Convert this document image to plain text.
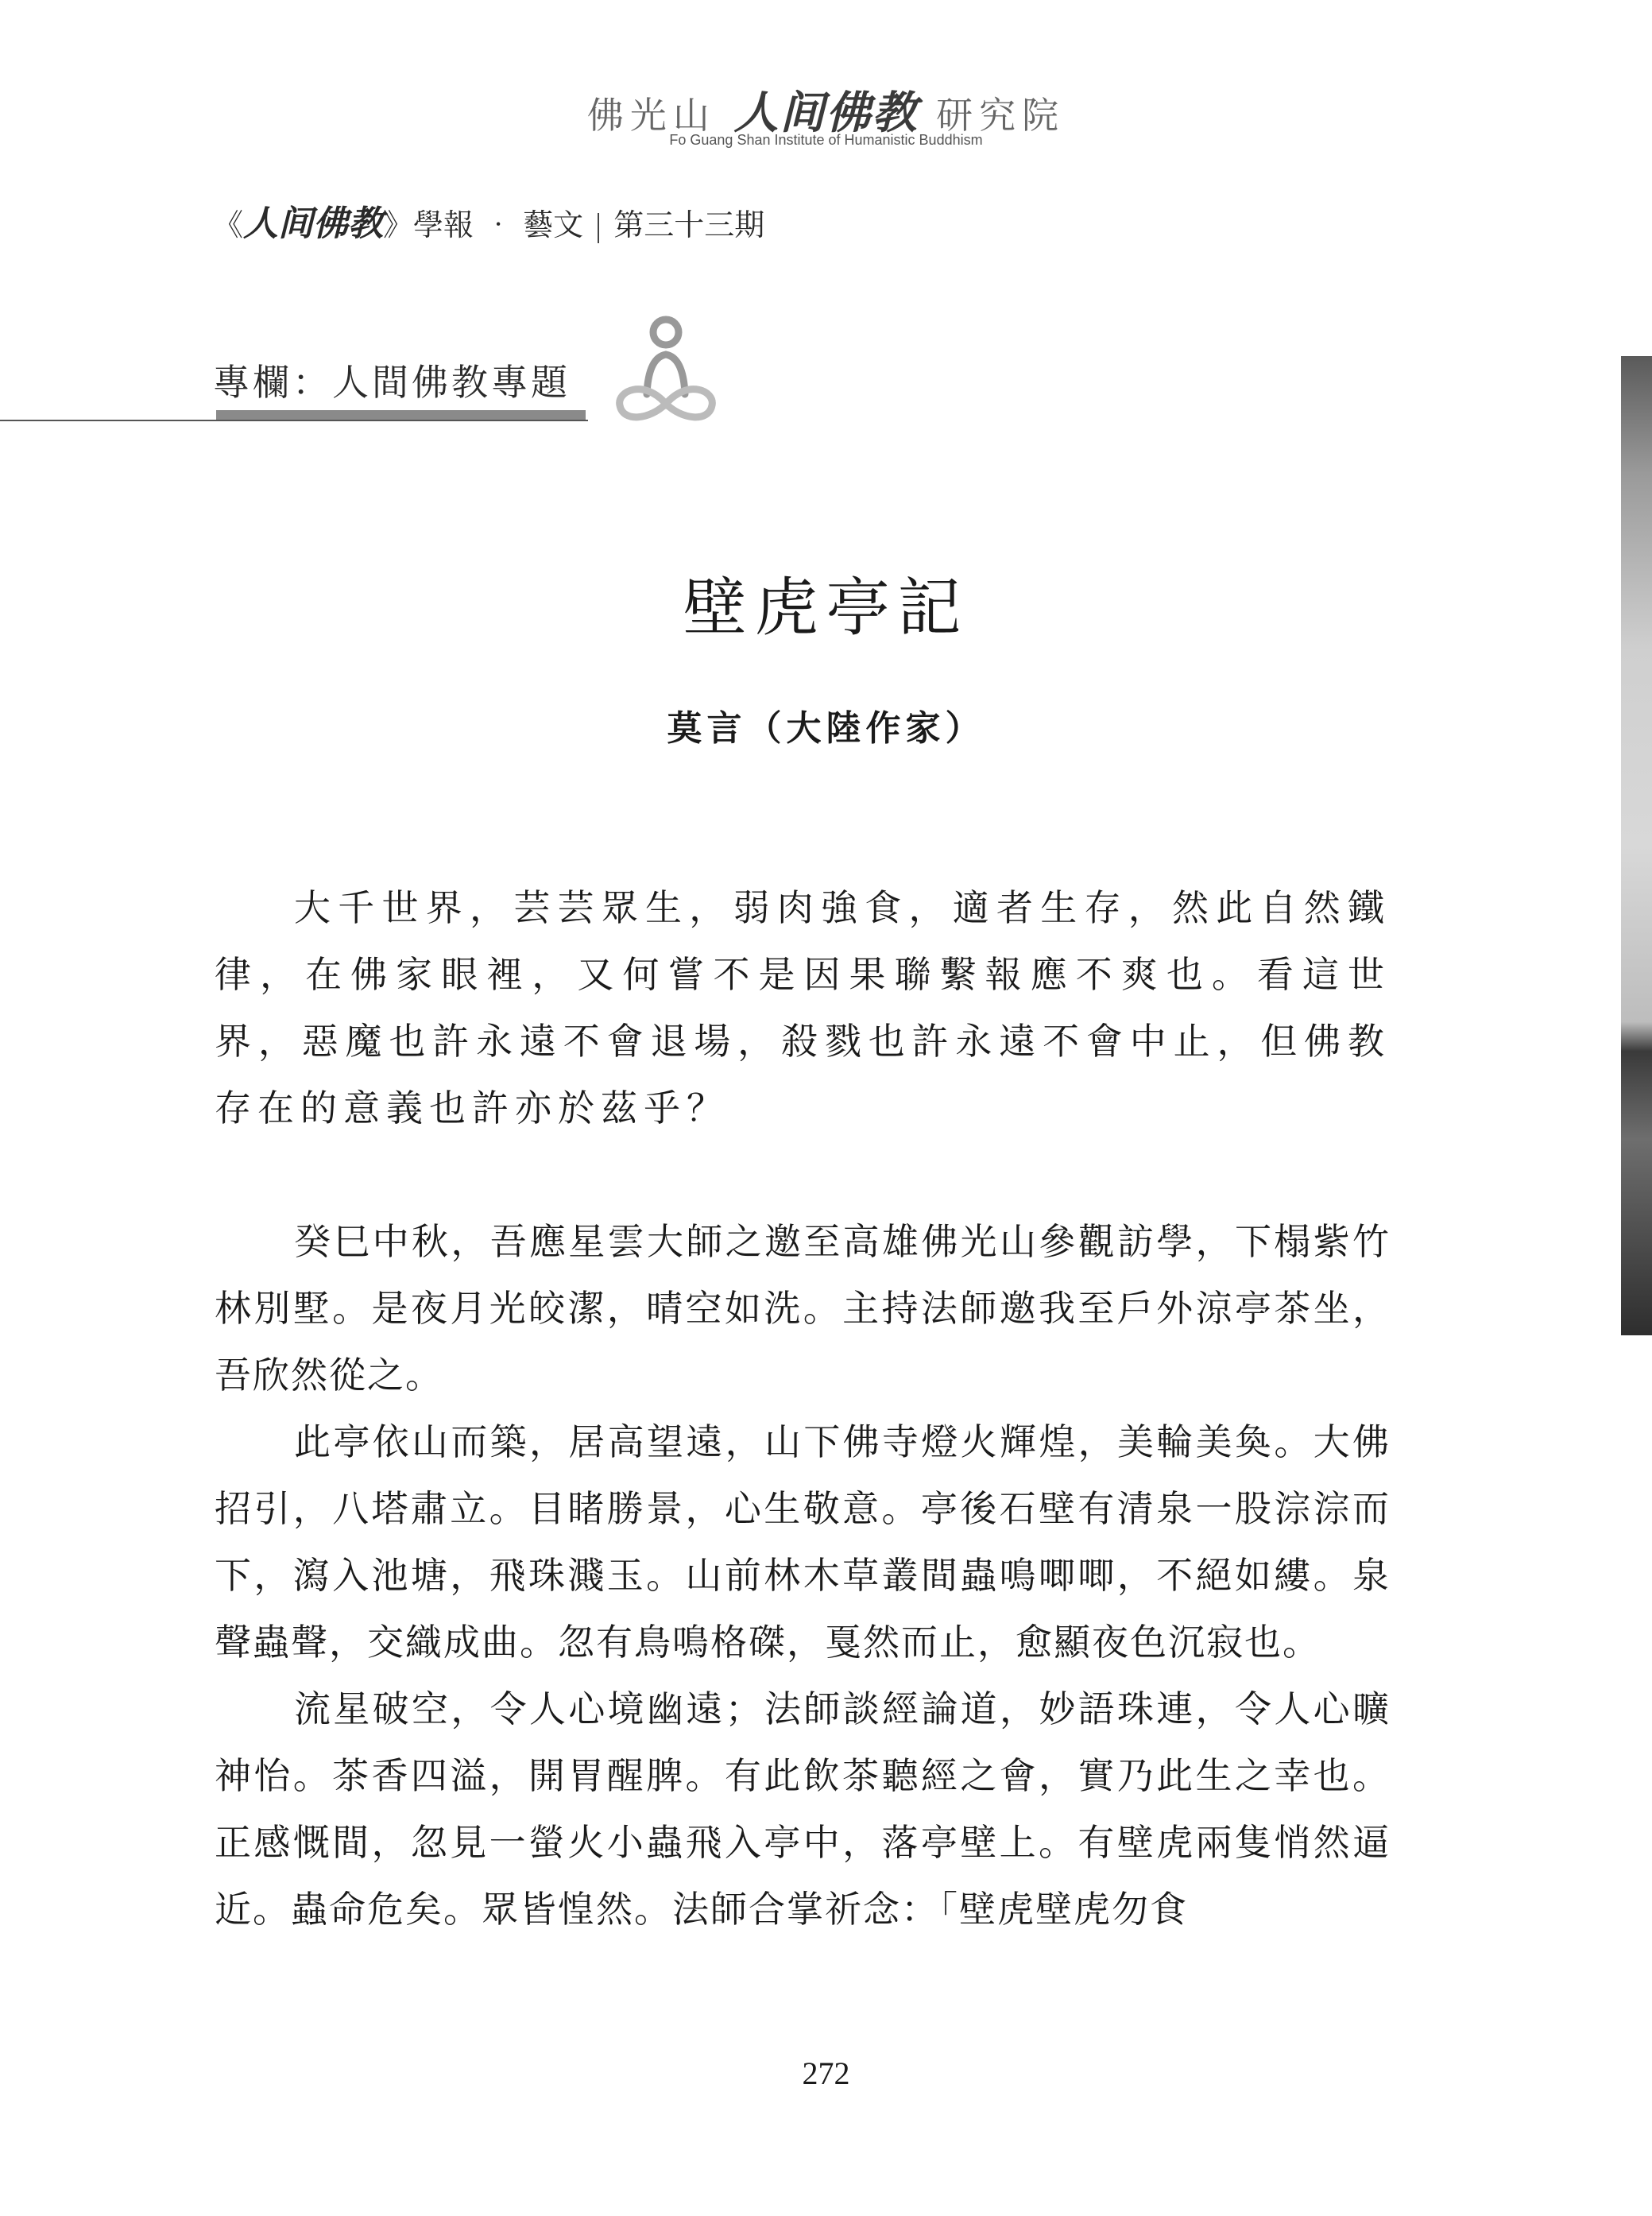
佛光山 人间佛教 研究院
Fo Guang Shan Institute of Humanistic Buddhism
《人间佛教》學報 ‧ 藝文 第三十三期
專欄：人間佛教專題
壁虎亭記
莫言（大陸作家）

大千世界，芸芸眾生，弱肉強食，適者生存，然此自然鐵律，在佛家眼裡，又何嘗不是因果聯繫報應不爽也。看這世界，惡魔也許永遠不會退場，殺戮也許永遠不會中止，但佛教存在的意義也許亦於茲乎？

癸巳中秋，吾應星雲大師之邀至高雄佛光山參觀訪學，下榻紫竹林別墅。是夜月光皎潔，晴空如洗。主持法師邀我至戶外涼亭茶坐，吾欣然從之。

此亭依山而築，居高望遠，山下佛寺燈火輝煌，美輪美奐。大佛招引，八塔肅立。目睹勝景，心生敬意。亭後石壁有清泉一股淙淙而下，瀉入池塘，飛珠濺玉。山前林木草叢間蟲鳴唧唧，不絕如縷。泉聲蟲聲，交織成曲。忽有鳥鳴格磔，戛然而止，愈顯夜色沉寂也。

流星破空，令人心境幽遠；法師談經論道，妙語珠連，令人心曠神怡。茶香四溢，開胃醒脾。有此飲茶聽經之會，實乃此生之幸也。正感慨間，忽見一螢火小蟲飛入亭中，落亭壁上。有壁虎兩隻悄然逼近。蟲命危矣。眾皆惶然。法師合掌祈念：「壁虎壁虎勿食

272
